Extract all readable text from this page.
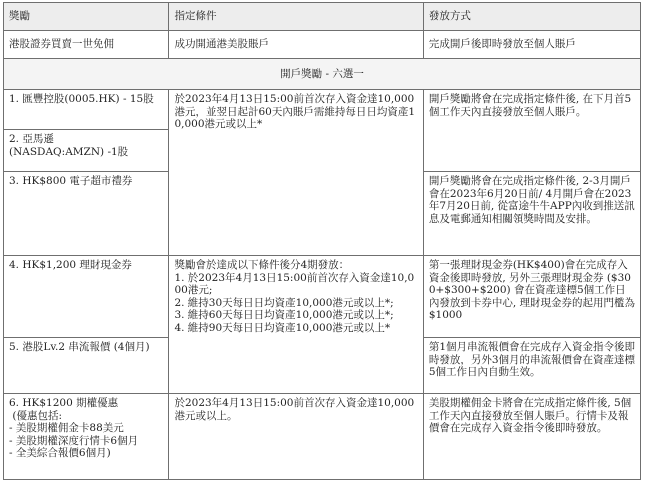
獎勵	指定條件	發放方式
港股證券買賣一世免佣	成功開通港美股賬戶	完成開戶後即時發放至個人賬戶
開戶獎勵 - 六選一		

1. 匯豐控股(0005.HK) - 15股	於2023年4月13日15:00前首次存入資金達10,000港元，並翌日起計60天內賬戶需維持每日日均資產10,000港元或以上*	開戶獎勵將會在完成指定條件後, 在下月首5個工作天內直接發放至個人賬戶。

2. 亞馬遜
(NASDAQ:AMZN) -1股		

3. HK$800 電子超市禮券		開戶獎勵將會在完成指定條件後, 2-3月開戶會在2023年6月20日前/ 4月開戶會在2023年7月20日前, 從富途牛牛APP內收到推送訊息及電郵通知相關領獎時間及安排。

4. HK$1,200 理財現金券	獎勵會於達成以下條件後分4期發放：
1. 於2023年4月13日15:00前首次存入資金達10,000港元;
2. 維持30天每日日均資產10,000港元或以上*;
3. 維持60天每日日均資產10,000港元或以上*;
4. 維持90天每日日均資產10,000港元或以上*	第一張理財現金券(HK$400)會在完成存入資金後即時發放, 另外三張理財現金券 ($300+$300+$200) 會在資產達標5個工作日內發放到卡券中心, 理財現金券的起用門檻為$1000

5. 港股Lv.2 串流報價 (4個月)		第1個月串流報價會在完成存入資金指令後即時發放，另外3個月的串流報價會在資產達標5個工作日內自動生效。

6. HK$1200 期權優惠
(優惠包括:
- 美股期權佣金卡88美元
- 美股期權深度行情卡6個月
- 全美綜合報價6個月)	於2023年4月13日15:00前首次存入資金達10,000港元或以上。	美股期權佣金卡將會在完成指定條件後, 5個工作天內直接發放至個人賬戶。行情卡及報價會在完成存入資金指令後即時發放。
